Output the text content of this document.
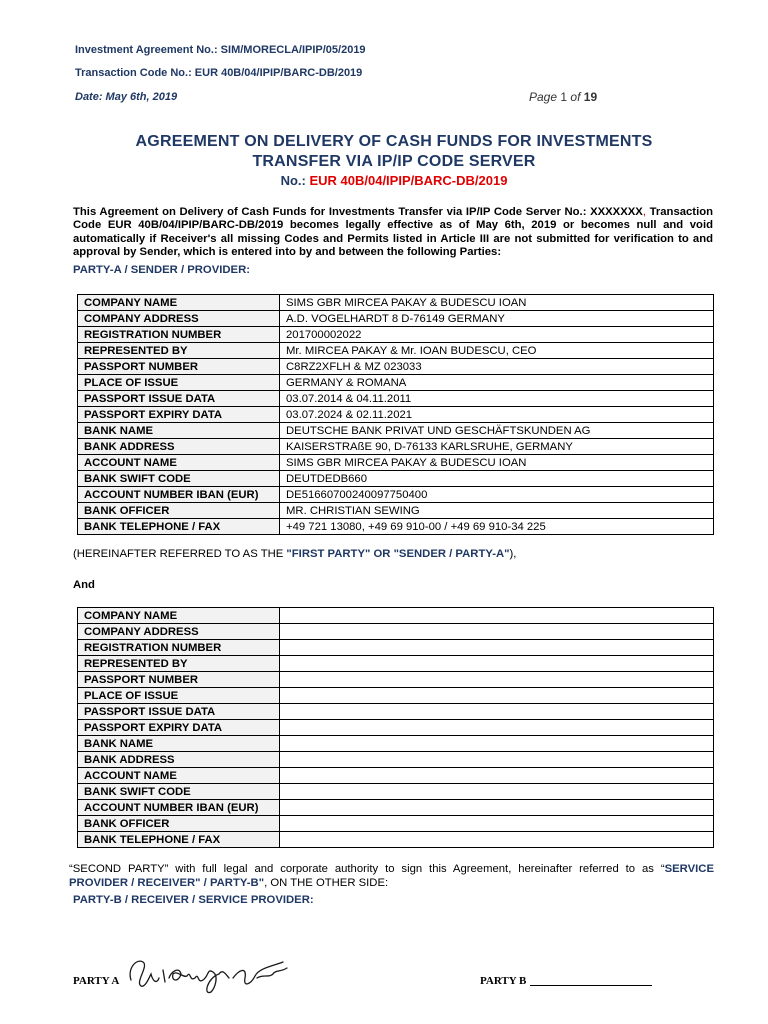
Investment Agreement No.: SIM/MORECLA/IPIP/05/2019
Transaction Code No.: EUR 40B/04/IPIP/BARC-DB/2019
Date: May 6th, 2019	Page 1 of 19
AGREEMENT ON DELIVERY OF CASH FUNDS FOR INVESTMENTS
TRANSFER VIA IP/IP CODE SERVER
No.: EUR 40B/04/IPIP/BARC-DB/2019
This Agreement on Delivery of Cash Funds for Investments Transfer via IP/IP Code Server No.: XXXXXXX, Transaction Code EUR 40B/04/IPIP/BARC-DB/2019 becomes legally effective as of May 6th, 2019 or becomes null and void automatically if Receiver's all missing Codes and Permits listed in Article III are not submitted for verification to and approval by Sender, which is entered into by and between the following Parties:
PARTY-A / SENDER / PROVIDER:
COMPANY NAME	SIMS GBR MIRCEA PAKAY & BUDESCU IOAN
COMPANY ADDRESS	A.D. VOGELHARDT 8 D-76149 GERMANY
REGISTRATION NUMBER	201700002022
REPRESENTED BY	Mr. MIRCEA PAKAY & Mr. IOAN BUDESCU, CEO
PASSPORT NUMBER	C8RZ2XFLH & MZ 023033
PLACE OF ISSUE	GERMANY & ROMANA
PASSPORT ISSUE DATA	03.07.2014 & 04.11.2011
PASSPORT EXPIRY DATA	03.07.2024 & 02.11.2021
BANK NAME	DEUTSCHE BANK PRIVAT UND GESCHÄFTSKUNDEN AG
BANK ADDRESS	KAISERSTRAßE 90, D-76133 KARLSRUHE, GERMANY
ACCOUNT NAME	SIMS GBR MIRCEA PAKAY & BUDESCU IOAN
BANK SWIFT CODE	DEUTDEDB660
ACCOUNT NUMBER IBAN (EUR)	DE51660700240097750400
BANK OFFICER	MR. CHRISTIAN SEWING
BANK TELEPHONE / FAX	+49 721 13080, +49 69 910-00 / +49 69 910-34 225
(HEREINAFTER REFERRED TO AS THE "FIRST PARTY" OR "SENDER / PARTY-A"),
And
COMPANY NAME	
COMPANY ADDRESS	
REGISTRATION NUMBER	
REPRESENTED BY	
PASSPORT NUMBER	
PLACE OF ISSUE	
PASSPORT ISSUE DATA	
PASSPORT EXPIRY DATA	
BANK NAME	
BANK ADDRESS	
ACCOUNT NAME	
BANK SWIFT CODE	
ACCOUNT NUMBER IBAN (EUR)	
BANK OFFICER	
BANK TELEPHONE / FAX	
“SECOND PARTY” with full legal and corporate authority to sign this Agreement, hereinafter referred to as “SERVICE PROVIDER / RECEIVER" / PARTY-B", ON THE OTHER SIDE:
PARTY-B / RECEIVER / SERVICE PROVIDER:
PARTY A	PARTY B
